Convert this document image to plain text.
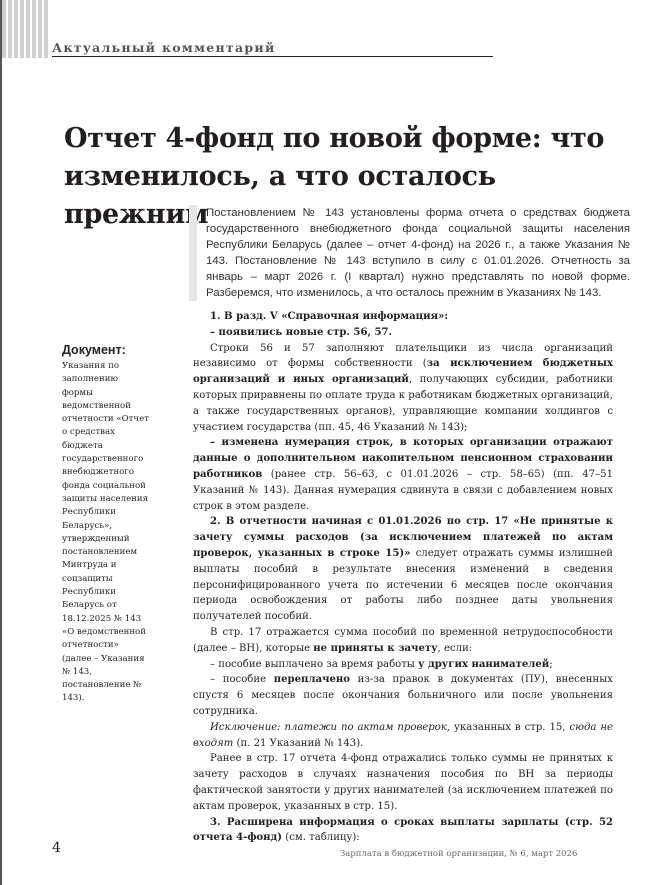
Актуальный комментарий
Отчет 4-фонд по новой форме: что изменилось, а что осталось прежним

Постановлением № 143 установлены форма отчета о средствах бюджета государственного внебюджетного фонда социальной защиты населения Республики Беларусь (далее – отчет 4-фонд) на 2026 г., а также Указания № 143. Постановление № 143 вступило в силу с 01.01.2026. Отчетность за январь – март 2026 г. (I квартал) нужно представлять по новой форме. Разберемся, что изменилось, а что осталось прежним в Указаниях № 143.

Документ:

Указания по заполнению формы ведомственной отчетности «Отчет о средствах бюджета государственного внебюджетного фонда социальной защиты населения Республики Беларусь», утвержденный постановлением Минтруда и соцзащиты Республики Беларусь от 18.12.2025 № 143 «О ведомственной отчетности» (далее – Указания № 143, постановление № 143).

1. В разд. V «Справочная информация»:

– появились новые стр. 56, 57.

Строки 56 и 57 заполняют плательщики из числа организаций независимо от формы собственности (за исключением бюджетных организаций и иных организаций, получающих субсидии, работники которых приравнены по оплате труда к работникам бюджетных организаций, а также государственных органов), управляющие компании холдингов с участием государства (пп. 45, 46 Указаний № 143);

– изменена нумерация строк, в которых организации отражают данные о дополнительном накопительном пенсионном страховании работников (ранее стр. 56–63, с 01.01.2026 – стр. 58–65) (пп. 47–51 Указаний № 143). Данная нумерация сдвинута в связи с добавлением новых строк в этом разделе.

2. В отчетности начиная с 01.01.2026 по стр. 17 «Не принятые к зачету суммы расходов (за исключением платежей по актам проверок, указанных в строке 15)» следует отражать суммы излишней выплаты пособий в результате внесения изменений в сведения персонифицированного учета по истечении 6 месяцев после окончания периода освобождения от работы либо позднее даты увольнения получателей пособий.

В стр. 17 отражается сумма пособий по временной нетрудоспособности (далее – ВН), которые не приняты к зачету, если:

– пособие выплачено за время работы у других нанимателей;

– пособие переплачено из-за правок в документах (ПУ), внесенных спустя 6 месяцев после окончания больничного или после увольнения сотрудника.

Исключение: платежи по актам проверок, указанных в стр. 15, сюда не входят (п. 21 Указаний № 143).

Ранее в стр. 17 отчета 4-фонд отражались только суммы не принятых к зачету расходов в случаях назначения пособия по ВН за периоды фактической занятости у других нанимателей (за исключением платежей по актам проверок, указанных в стр. 15).

3. Расширена информация о сроках выплаты зарплаты (стр. 52 отчета 4-фонд) (см. таблицу):

4	Зарплата в бюджетной организации, № 6, март 2026
